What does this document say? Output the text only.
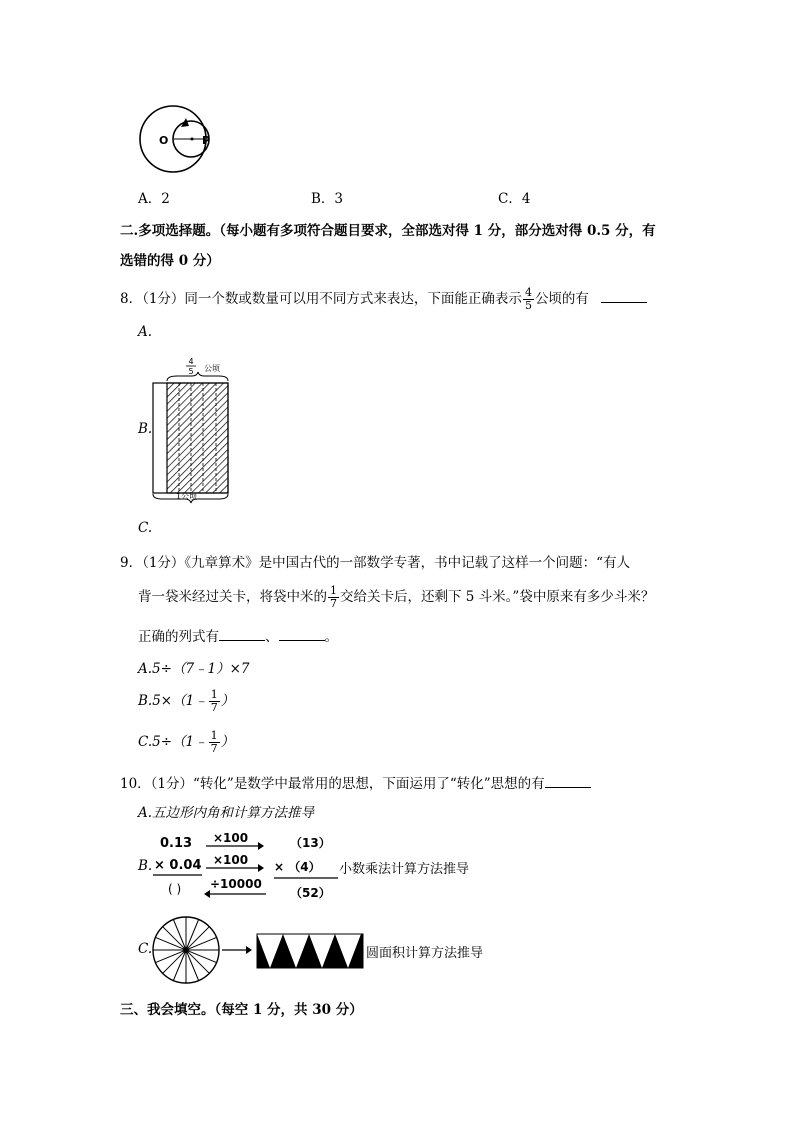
O	P
A．2	B．3	C．4
二.多项选择题。（每小题有多项符合题目要求，全部选对得 1 分，部分选对得 0.5 分，有
选错的得 0 分）
8．（1分）同一个数或数量可以用不同方式来表达，下面能正确表示 $\frac{4}{5}$ 公顷的有
A.
B.
4
5 公顷
1公顷
C.
9．（1分）《九章算术》是中国古代的一部数学专著，书中记载了这样一个问题：“有人
背一袋米经过关卡，将袋中米的 $\frac{1}{7}$ 交给关卡后，还剩下 5 斗米。”袋中原来有多少斗米？
正确的列式有	、	。
A.5÷（7﹣1）×7
B.5×（1﹣ $\frac{1}{7}$ ）
C.5÷（1﹣ $\frac{1}{7}$ ）
10．（1分）“转化”是数学中最常用的思想，下面运用了“转化”思想的有
A.五边形内角和计算方法推导
B.
0.13
× 0.04
( )
×100
×100
÷10000
（13）
× （4）
（52）
小数乘法计算方法推导
C.	圆面积计算方法推导
三、我会填空。（每空 1 分，共 30 分）
